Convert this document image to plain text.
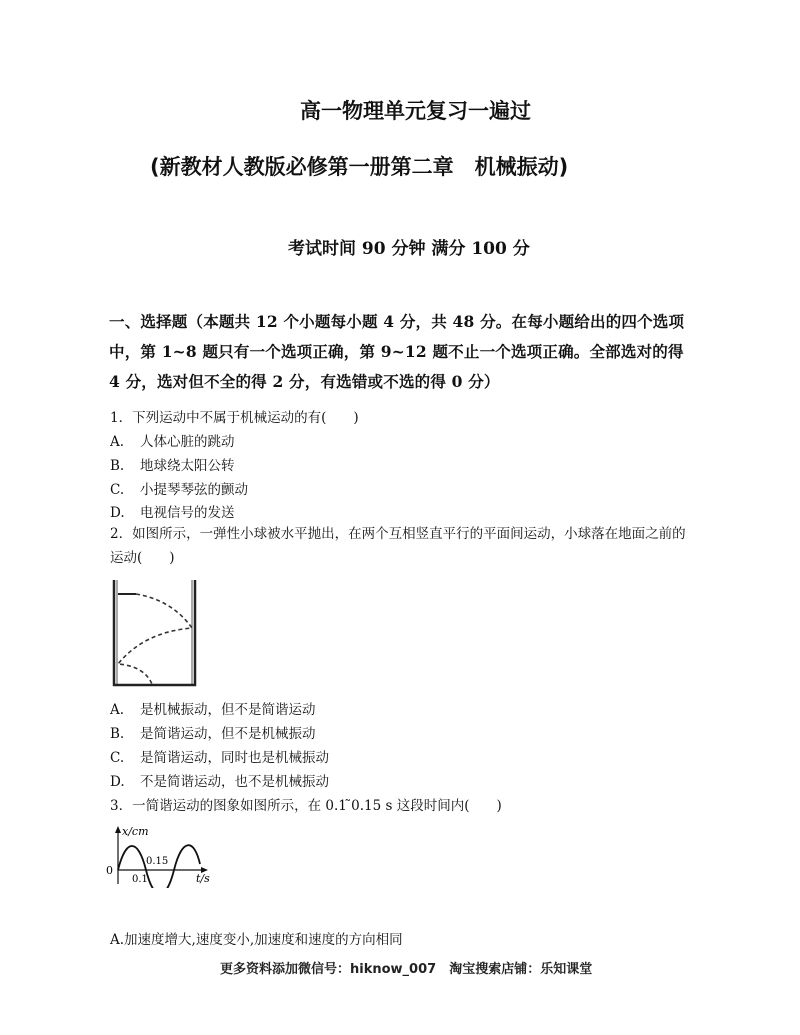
高一物理单元复习一遍过
(新教材人教版必修第一册第二章　机械振动)
考试时间 90 分钟 满分 100 分
一、选择题（本题共 12 个小题每小题 4 分，共 48 分。在每小题给出的四个选项中，第 1~8 题只有一个选项正确，第 9~12 题不止一个选项正确。全部选对的得 4 分，选对但不全的得 2 分，有选错或不选的得 0 分）
1．下列运动中不属于机械运动的有(　　)
A. 人体心脏的跳动
B. 地球绕太阳公转
C. 小提琴琴弦的颤动
D. 电视信号的发送
2．如图所示，一弹性小球被水平抛出，在两个互相竖直平行的平面间运动，小球落在地面之前的运动(　　)
A. 是机械振动，但不是简谐运动
B. 是简谐运动，但不是机械振动
C. 是简谐运动，同时也是机械振动
D. 不是简谐运动，也不是机械振动
3．一简谐运动的图象如图所示，在 0.1 ̃0.15 s 这段时间内(　　)
x/cm
0
0.1
0.15
t/s
A.加速度增大,速度变小,加速度和速度的方向相同
更多资料添加微信号：hiknow_007　淘宝搜索店铺：乐知课堂
